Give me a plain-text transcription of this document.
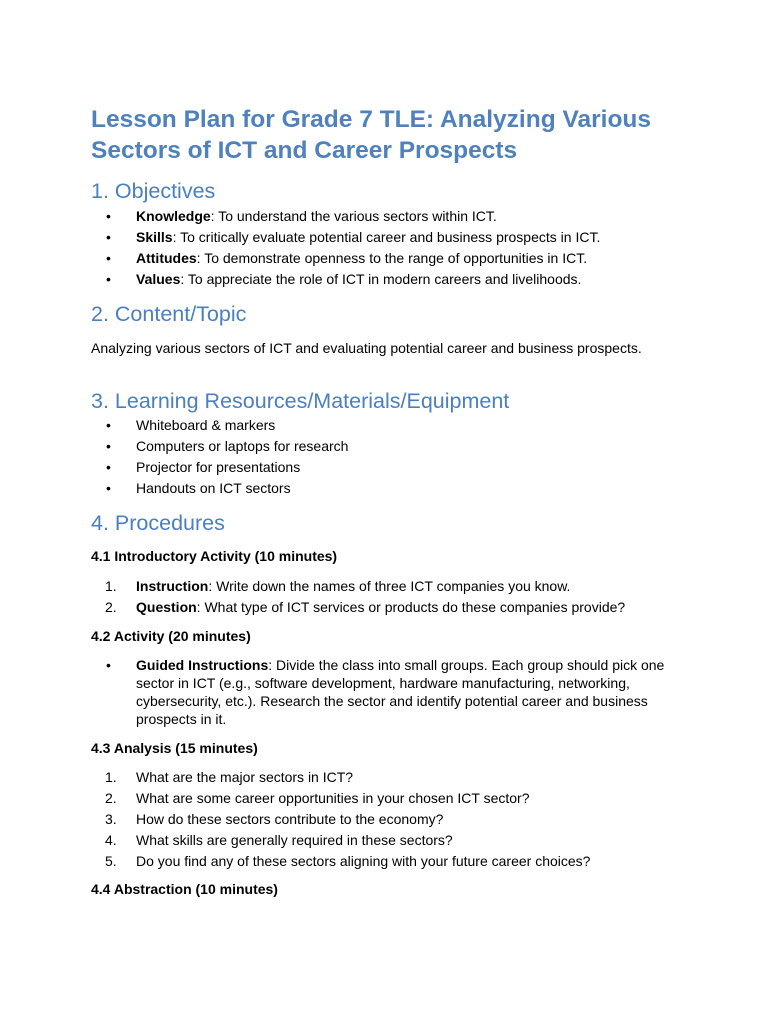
Lesson Plan for Grade 7 TLE: Analyzing Various Sectors of ICT and Career Prospects
1. Objectives
• Knowledge: To understand the various sectors within ICT.
• Skills: To critically evaluate potential career and business prospects in ICT.
• Attitudes: To demonstrate openness to the range of opportunities in ICT.
• Values: To appreciate the role of ICT in modern careers and livelihoods.
2. Content/Topic

Analyzing various sectors of ICT and evaluating potential career and business prospects.

3. Learning Resources/Materials/Equipment
• Whiteboard & markers
• Computers or laptops for research
• Projector for presentations
• Handouts on ICT sectors
4. Procedures
4.1 Introductory Activity (10 minutes)
1. Instruction: Write down the names of three ICT companies you know.
2. Question: What type of ICT services or products do these companies provide?
4.2 Activity (20 minutes)
• Guided Instructions: Divide the class into small groups. Each group should pick one sector in ICT (e.g., software development, hardware manufacturing, networking, cybersecurity, etc.). Research the sector and identify potential career and business prospects in it.
4.3 Analysis (15 minutes)
1. What are the major sectors in ICT?
2. What are some career opportunities in your chosen ICT sector?
3. How do these sectors contribute to the economy?
4. What skills are generally required in these sectors?
5. Do you find any of these sectors aligning with your future career choices?
4.4 Abstraction (10 minutes)
